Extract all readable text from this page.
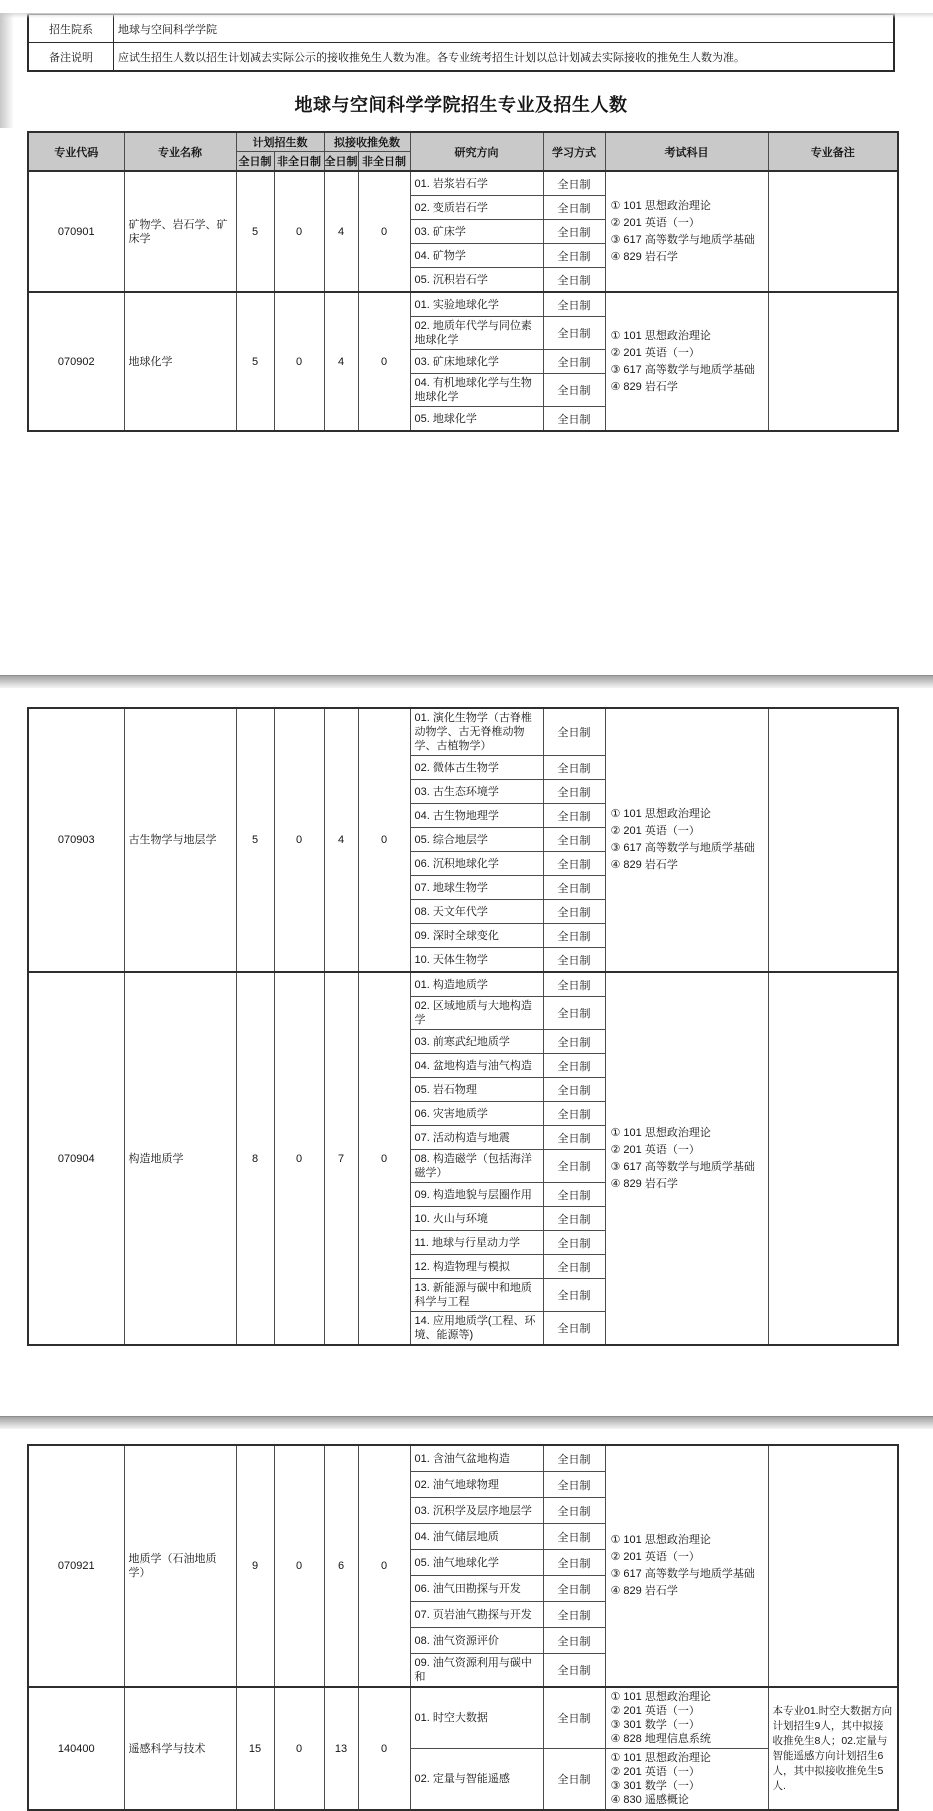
招生院系	地球与空间科学学院
备注说明	应试生招生人数以招生计划减去实际公示的接收推免生人数为准。各专业统考招生计划以总计划减去实际接收的推免生人数为准。
地球与空间科学学院招生专业及招生人数
专业代码	专业名称	计划招生数		拟接收推免数		研究方向	学习方式	考试科目	专业备注
		全日制	非全日制	全日制	非全日制				
070901	矿物学、岩石学、矿床学	5	0	4	0	01. 岩浆岩石学	全日制	① 101 思想政治理论
② 201 英语（一）
③ 617 高等数学与地质学基础
④ 829 岩石学	

						02. 变质岩石学	全日制		
						03. 矿床学	全日制		
						04. 矿物学	全日制		
						05. 沉积岩石学	全日制		
070902	地球化学	5	0	4	0	01. 实验地球化学	全日制	① 101 思想政治理论
② 201 英语（一）
③ 617 高等数学与地质学基础
④ 829 岩石学	

						02. 地质年代学与同位素地球化学	全日制		
						03. 矿床地球化学	全日制		
						04. 有机地球化学与生物地球化学	全日制		
						05. 地球化学	全日制		
070903	古生物学与地层学	5	0	4	0	01. 演化生物学（古脊椎动物学、古无脊椎动物学、古植物学）	全日制	① 101 思想政治理论
② 201 英语（一）
③ 617 高等数学与地质学基础
④ 829 岩石学	

						02. 微体古生物学	全日制		
						03. 古生态环境学	全日制		
						04. 古生物地理学	全日制		
						05. 综合地层学	全日制		
						06. 沉积地球化学	全日制		
						07. 地球生物学	全日制		
						08. 天文年代学	全日制		
						09. 深时全球变化	全日制		
						10. 天体生物学	全日制		
070904	构造地质学	8	0	7	0	01. 构造地质学	全日制	① 101 思想政治理论
② 201 英语（一）
③ 617 高等数学与地质学基础
④ 829 岩石学	

						02. 区域地质与大地构造学	全日制		
						03. 前寒武纪地质学	全日制		
						04. 盆地构造与油气构造	全日制		
						05. 岩石物理	全日制		
						06. 灾害地质学	全日制		
						07. 活动构造与地震	全日制		
						08. 构造磁学（包括海洋磁学）	全日制		
						09. 构造地貌与层圈作用	全日制		
						10. 火山与环境	全日制		
						11. 地球与行星动力学	全日制		
						12. 构造物理与模拟	全日制		
						13. 新能源与碳中和地质科学与工程	全日制		
						14. 应用地质学(工程、环境、能源等)	全日制		
070921	地质学（石油地质学）	9	0	6	0	01. 含油气盆地构造	全日制	① 101 思想政治理论
② 201 英语（一）
③ 617 高等数学与地质学基础
④ 829 岩石学	

						02. 油气地球物理	全日制		
						03. 沉积学及层序地层学	全日制		
						04. 油气储层地质	全日制		
						05. 油气地球化学	全日制		
						06. 油气田勘探与开发	全日制		
						07. 页岩油气勘探与开发	全日制		
						08. 油气资源评价	全日制		
						09. 油气资源利用与碳中和	全日制		
140400	遥感科学与技术	15	0	13	0	01. 时空大数据	全日制	① 101 思想政治理论
② 201 英语（一）
③ 301 数学（一）
④ 828 地理信息系统	本专业01.时空大数据方向计划招生9人，其中拟接收推免生8人；02.定量与智能遥感方向计划招生6人，其中拟接收推免生5人.
						02. 定量与智能遥感	全日制	① 101 思想政治理论
② 201 英语（一）
③ 301 数学（一）
④ 830 遥感概论	
